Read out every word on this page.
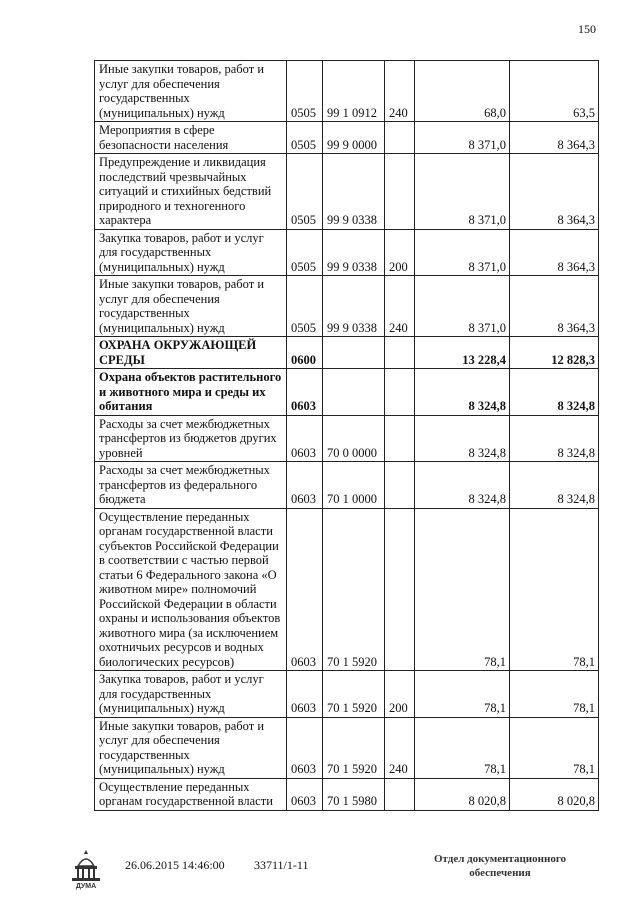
150
Иные закупки товаров, работ и услуг для обеспечения государственных (муниципальных) нужд	0505	99 1 0912	240	68,0	63,5
Мероприятия в сфере безопасности населения	0505	99 9 0000		8 371,0	8 364,3
Предупреждение и ликвидация последствий чрезвычайных ситуаций и стихийных бедствий природного и техногенного характера	0505	99 9 0338		8 371,0	8 364,3
Закупка товаров, работ и услуг для государственных (муниципальных) нужд	0505	99 9 0338	200	8 371,0	8 364,3
Иные закупки товаров, работ и услуг для обеспечения государственных (муниципальных) нужд	0505	99 9 0338	240	8 371,0	8 364,3
ОХРАНА ОКРУЖАЮЩЕЙ СРЕДЫ	0600			13 228,4	12 828,3
Охрана объектов растительного и животного мира и среды их обитания	0603			8 324,8	8 324,8
Расходы за счет межбюджетных трансфертов из бюджетов других уровней	0603	70 0 0000		8 324,8	8 324,8
Расходы за счет межбюджетных трансфертов из федерального бюджета	0603	70 1 0000		8 324,8	8 324,8
Осуществление переданных органам государственной власти субъектов Российской Федерации в соответствии с частью первой статьи 6 Федерального закона «О животном мире» полномочий Российской Федерации в области охраны и использования объектов животного мира (за исключением охотничьих ресурсов и водных биологических ресурсов)	0603	70 1 5920		78,1	78,1
Закупка товаров, работ и услуг для государственных (муниципальных) нужд	0603	70 1 5920	200	78,1	78,1
Иные закупки товаров, работ и услуг для обеспечения государственных (муниципальных) нужд	0603	70 1 5920	240	78,1	78,1
Осуществление переданных органам государственной власти	0603	70 1 5980		8 020,8	8 020,8
ДУМА
26.06.2015 14:46:00 33711/1-11	Отдел документационного обеспечения
